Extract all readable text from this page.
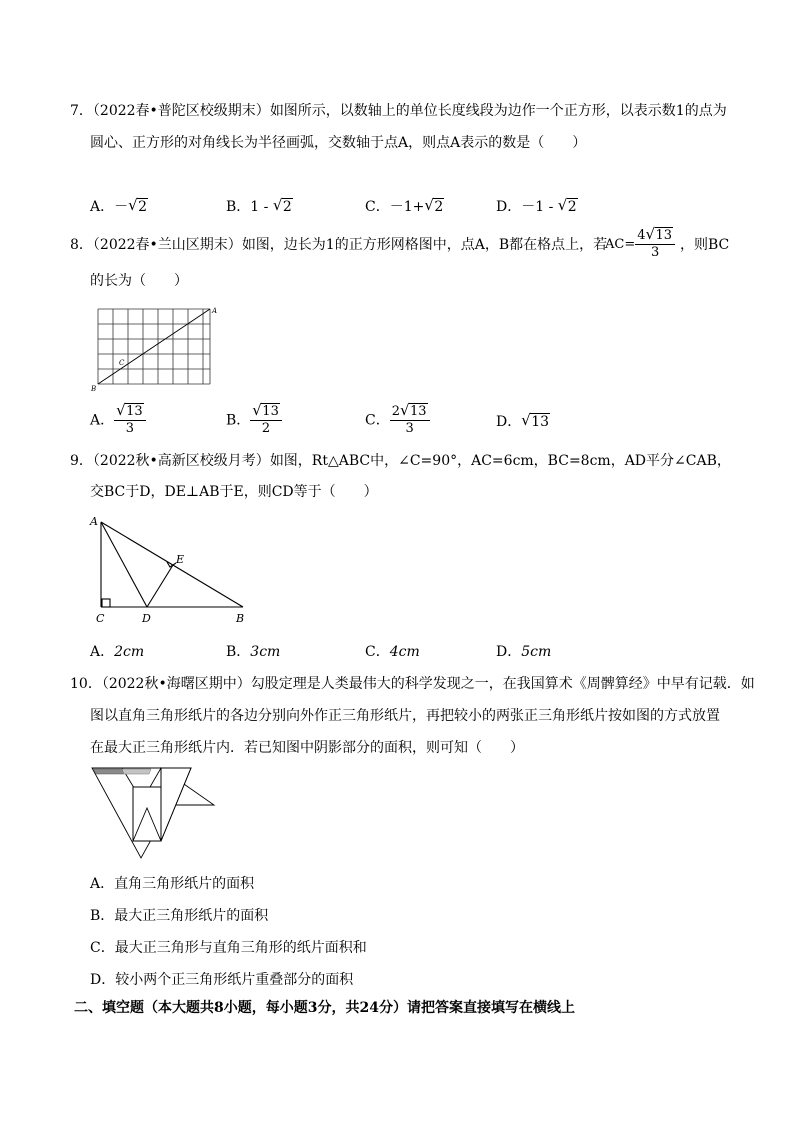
7．（2022春•普陀区校级期末）如图所示，以数轴上的单位长度线段为边作一个正方形，以表示数1的点为
圆心、正方形的对角线长为半径画弧，交数轴于点A，则点A表示的数是（　　）
A．－ √ 2	B．1 - √ 2	C．－1+ √ 2	D．－1 - √ 2
8．（2022春•兰山区期末）如图，边长为1的正方形网格图中，点A，B都在格点上，若
$AC= \frac{4 √ 13}{3}$ ，则BC
的长为（　　）
A
B
C
A． $\frac{√ 13}{3}$	B． $\frac{√ 13}{2}$	C． $\frac{2 √ 13}{3}$	D． √ 13
9．（2022秋•高新区校级月考）如图，Rt△ABC中，∠C=90°，AC=6cm，BC=8cm，AD平分∠CAB，
交BC于D，DE⊥AB于E，则CD等于（　　）
A
C	D	B
E
A．2cm	B．3cm	C．4cm	D．5cm
10．（2022秋•海曙区期中）勾股定理是人类最伟大的科学发现之一，在我国算术《周髀算经》中早有记载．如
图以直角三角形纸片的各边分别向外作正三角形纸片，再把较小的两张正三角形纸片按如图的方式放置
在最大正三角形纸片内．若已知图中阴影部分的面积，则可知（　　）
A．直角三角形纸片的面积
B．最大正三角形纸片的面积
C．最大正三角形与直角三角形的纸片面积和
D．较小两个正三角形纸片重叠部分的面积
二、填空题（本大题共8小题，每小题3分，共24分）请把答案直接填写在横线上
